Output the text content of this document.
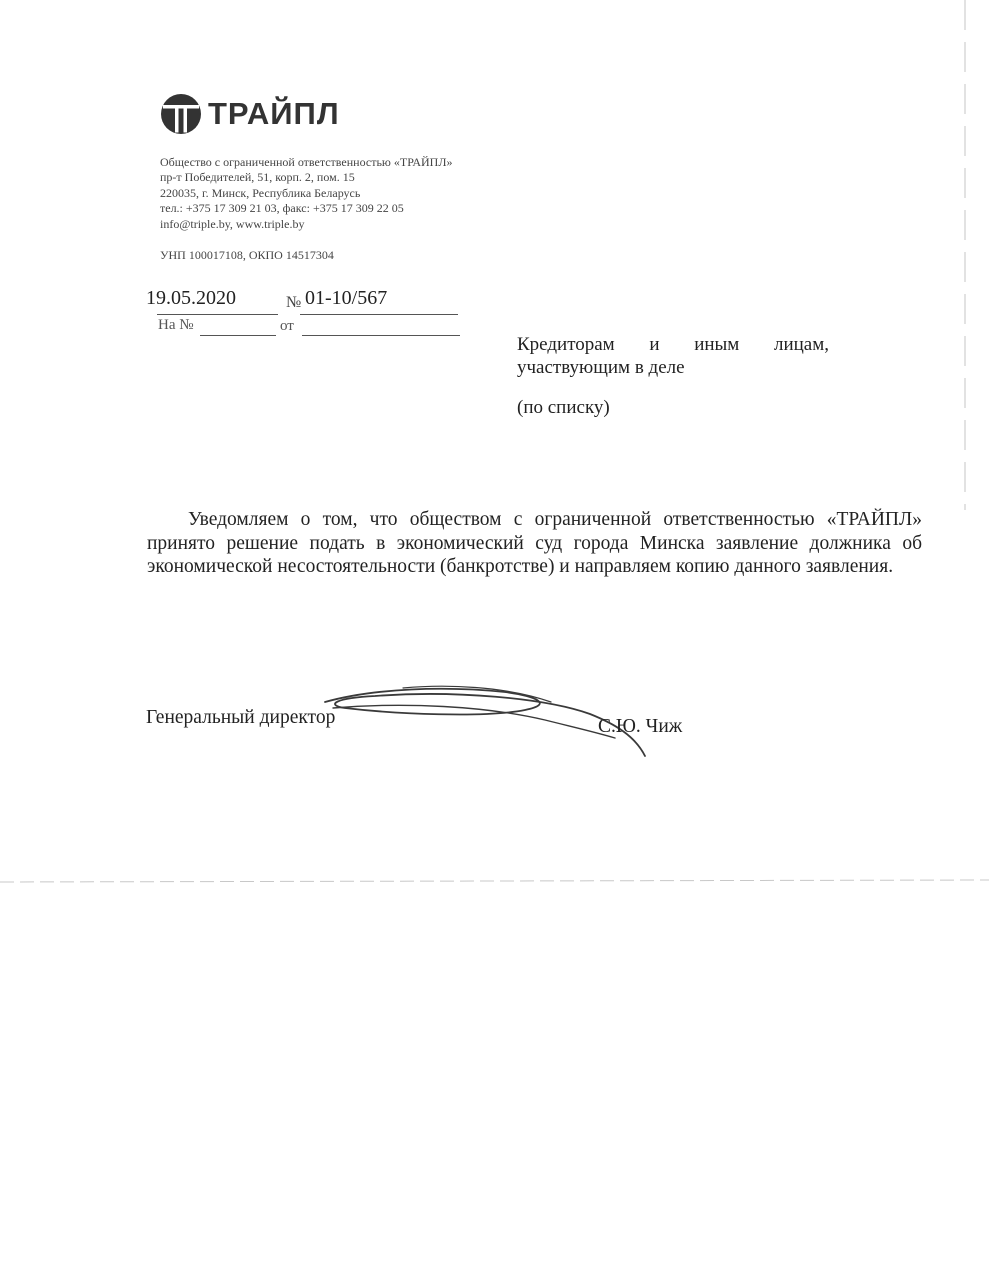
ТРАЙПЛ
Общество с ограниченной ответственностью «ТРАЙПЛ»
пр-т Победителей, 51, корп. 2, пом. 15
220035, г. Минск, Республика Беларусь
тел.: +375 17 309 21 03, факс: +375 17 309 22 05
info@triple.by, www.triple.by
УНП 100017108, ОКПО 14517304
19.05.2020	№ 01-10/567
На №	от
Кредиторам и иным лицам,
участвующим в деле
(по списку)
Уведомляем о том, что обществом с ограниченной ответственностью «ТРАЙПЛ» принято решение подать в экономический суд города Минска заявление должника об экономической несостоятельности (банкротстве) и направляем копию данного заявления.
Генеральный директор	С.Ю. Чиж
